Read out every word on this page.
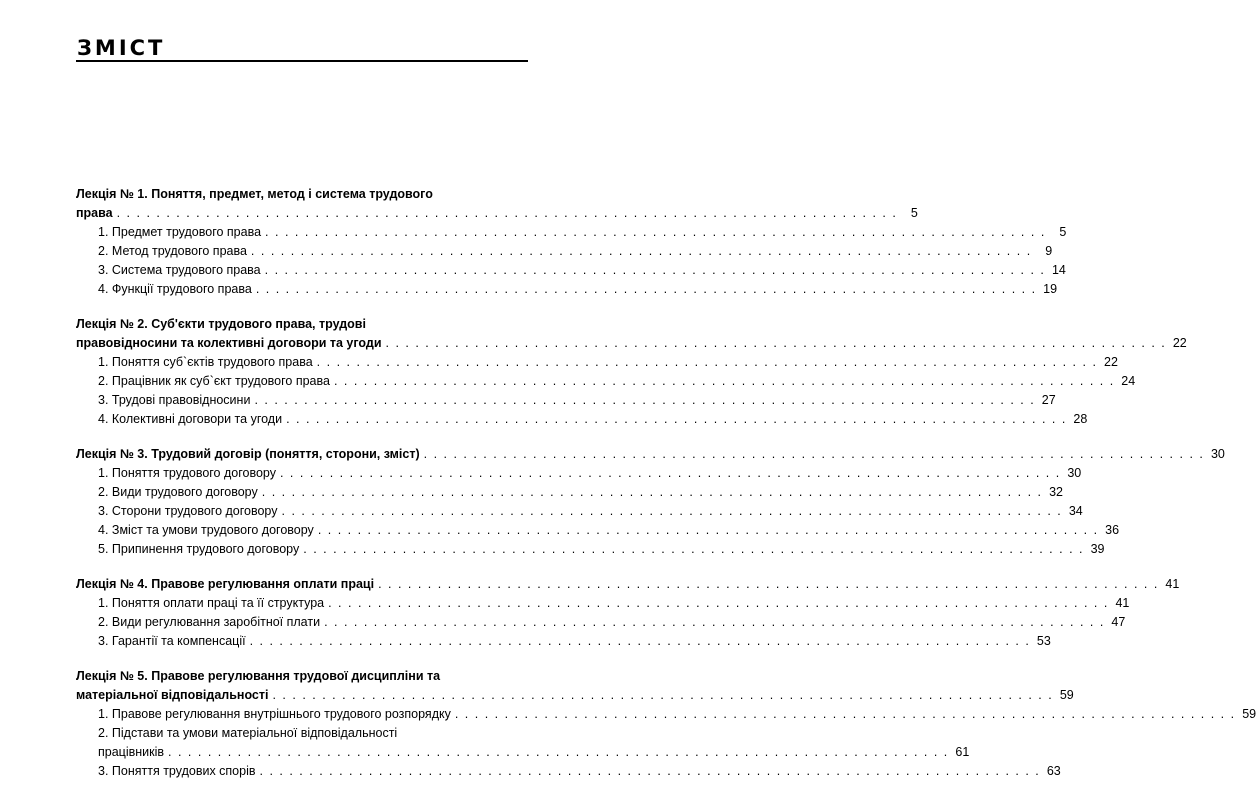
ЗМІСТ
Лекція № 1. Поняття, предмет, метод і система трудового
права . . .	5
1. Предмет трудового права . . .	5
2. Метод трудового права . . .	9
3. Система трудового права . . .	14
4. Функції трудового права . . .	19
Лекція № 2. Суб'єкти трудового права, трудові
правовідносини та колективні договори та угоди . . .	22
1. Поняття суб`єктів трудового права . . .	22
2. Працівник як суб`єкт трудового права . . .	24
3. Трудові правовідносини . . .	27
4. Колективні договори та угоди . . .	28
Лекція № 3. Трудовий договір (поняття, сторони, зміст) . . .	30
1. Поняття трудового договору . . .	30
2. Види трудового договору . . .	32
3. Сторони трудового договору . . .	34
4. Зміст та умови трудового договору . . .	36
5. Припинення трудового договору . . .	39
Лекція № 4. Правове регулювання оплати праці . . .	41
1. Поняття оплати праці та її структура . . .	41
2. Види регулювання заробітної плати . . .	47
3. Гарантії та компенсації . . .	53
Лекція № 5. Правове регулювання трудової дисципліни та
матеріальної відповідальності . . .	59
1. Правове регулювання внутрішнього трудового розпорядку . . .	59
2. Підстави та умови матеріальної відповідальності
працівників . . .	61
3. Поняття трудових спорів . . .	63
